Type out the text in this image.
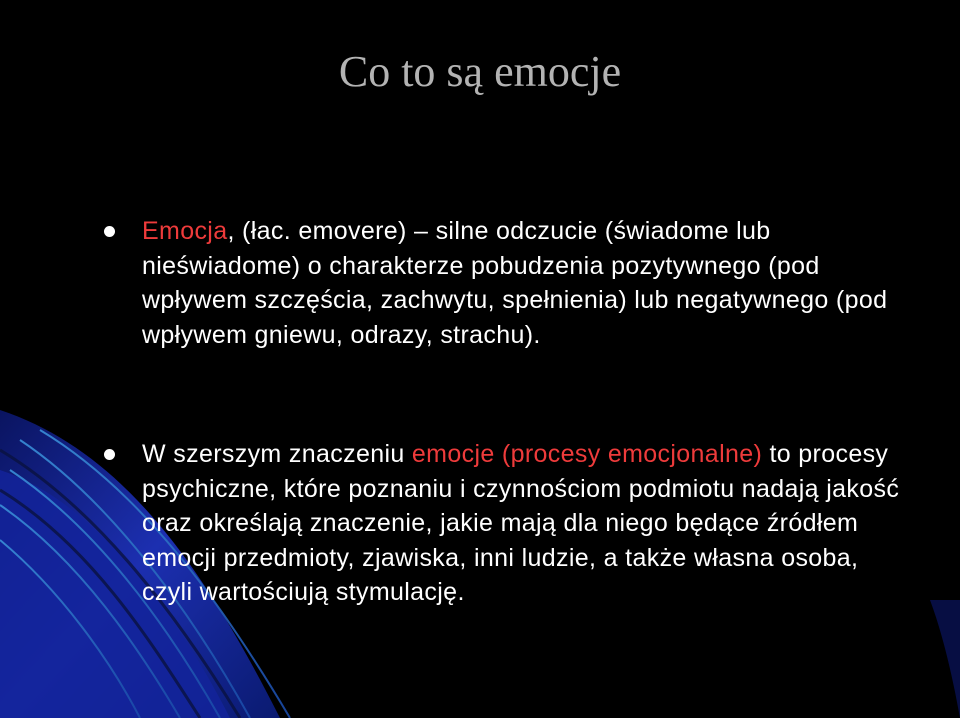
Co to są emocje
Emocja, (łac. emovere) – silne odczucie (świadome lub nieświadome) o charakterze pobudzenia pozytywnego (pod wpływem szczęścia, zachwytu, spełnienia) lub negatywnego (pod wpływem gniewu, odrazy, strachu).
W szerszym znaczeniu emocje (procesy emocjonalne) to procesy psychiczne, które poznaniu i czynnościom podmiotu nadają jakość oraz określają znaczenie, jakie mają dla niego będące źródłem emocji przedmioty, zjawiska, inni ludzie, a także własna osoba, czyli wartościują stymulację.
